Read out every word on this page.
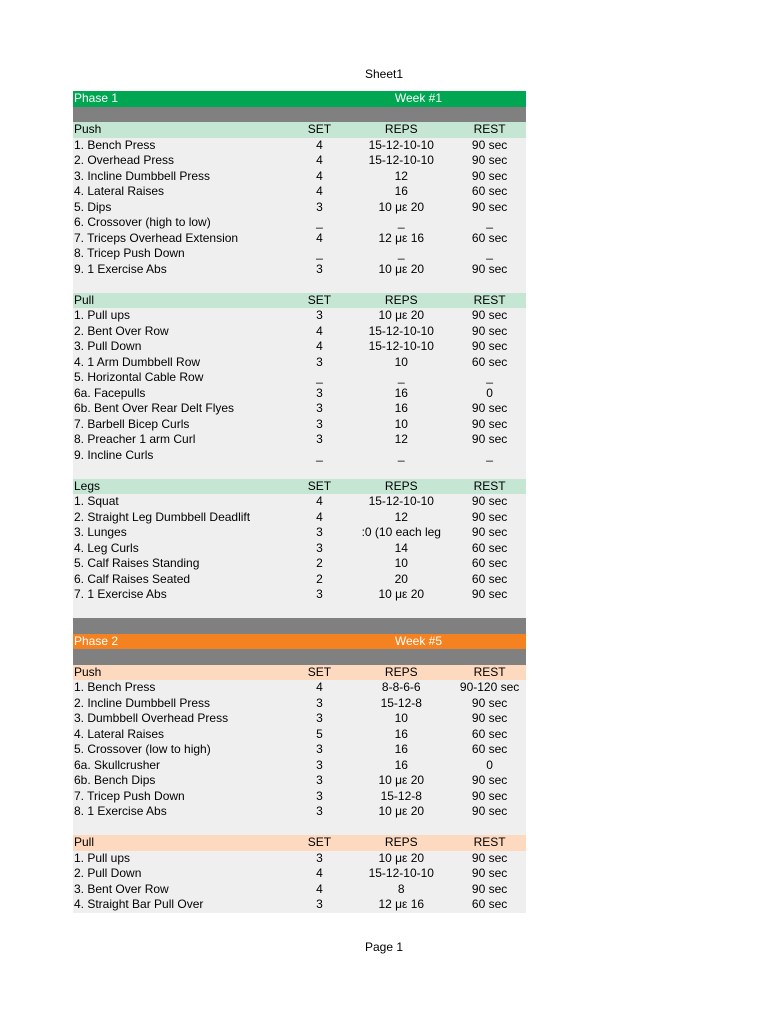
Sheet1
Phase 1	Week #1
Push	SET	REPS	REST
1. Bench Press	4	15-12-10-10	90 sec
2. Overhead Press	4	15-12-10-10	90 sec
3. Incline Dumbbell Press	4	12	90 sec
4. Lateral Raises	4	16	60 sec
5. Dips	3	10 με 20	90 sec
6. Crossover (high to low)	_	_	_
7. Triceps Overhead Extension	4	12 με 16	60 sec
8. Tricep Push Down	_	_	_
9. 1 Exercise Abs	3	10 με 20	90 sec
Pull	SET	REPS	REST
1. Pull ups	3	10 με 20	90 sec
2. Bent Over Row	4	15-12-10-10	90 sec
3. Pull Down	4	15-12-10-10	90 sec
4. 1 Arm Dumbbell Row	3	10	60 sec
5. Horizontal Cable Row	_	_	_
6a. Facepulls	3	16	0
6b. Bent Over Rear Delt Flyes	3	16	90 sec
7. Barbell Bicep Curls	3	10	90 sec
8. Preacher 1 arm Curl	3	12	90 sec
9. Incline Curls	_	_	_
Legs	SET	REPS	REST
1. Squat	4	15-12-10-10	90 sec
2. Straight Leg Dumbbell Deadlift	4	12	90 sec
3. Lunges	3	:0 (10 each leg	90 sec
4. Leg Curls	3	14	60 sec
5. Calf Raises Standing	2	10	60 sec
6. Calf Raises Seated	2	20	60 sec
7. 1 Exercise Abs	3	10 με 20	90 sec
Phase 2	Week #5
Push	SET	REPS	REST
1. Bench Press	4	8-8-6-6	90-120 sec
2. Incline Dumbbell Press	3	15-12-8	90 sec
3. Dumbbell Overhead Press	3	10	90 sec
4. Lateral Raises	5	16	60 sec
5. Crossover (low to high)	3	16	60 sec
6a. Skullcrusher	3	16	0
6b. Bench Dips	3	10 με 20	90 sec
7. Tricep Push Down	3	15-12-8	90 sec
8. 1 Exercise Abs	3	10 με 20	90 sec
Pull	SET	REPS	REST
1. Pull ups	3	10 με 20	90 sec
2. Pull Down	4	15-12-10-10	90 sec
3. Bent Over Row	4	8	90 sec
4. Straight Bar Pull Over	3	12 με 16	60 sec
Page 1
